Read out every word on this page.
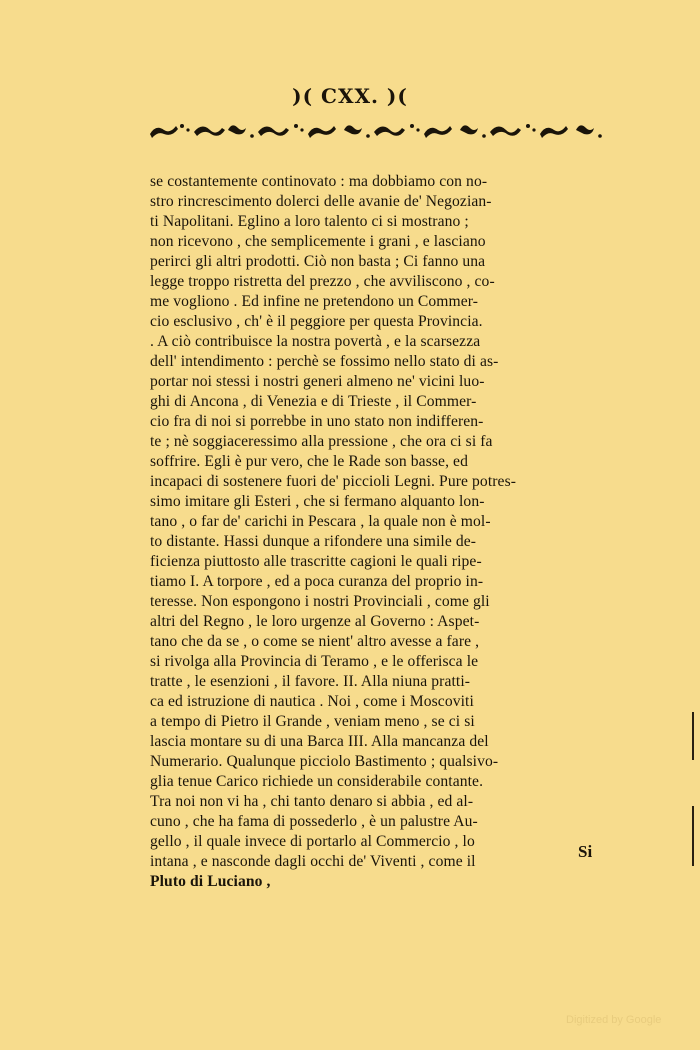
)( CXX. )(
se costantemente continovato : ma dobbiamo con no-
stro rincrescimento dolerci delle avanie de' Negozian-
ti Napolitani. Eglino a loro talento ci si mostrano ;
non ricevono , che semplicemente i grani , e lasciano
perirci gli altri prodotti. Ciò non basta ; Ci fanno una
legge troppo ristretta del prezzo , che avviliscono , co-
me vogliono . Ed infine ne pretendono un Commer-
cio esclusivo , ch' è il peggiore per questa Provincia.
. A ciò contribuisce la nostra povertà , e la scarsezza
dell' intendimento : perchè se fossimo nello stato di as-
portar noi stessi i nostri generi almeno ne' vicini luo-
ghi di Ancona , di Venezia e di Trieste , il Commer-
cio fra di noi si porrebbe in uno stato non indifferen-
te ; nè soggiaceressimo alla pressione , che ora ci si fa
soffrire. Egli è pur vero, che le Rade son basse, ed
incapaci di sostenere fuori de' piccioli Legni. Pure potres-
simo imitare gli Esteri , che si fermano alquanto lon-
tano , o far de' carichi in Pescara , la quale non è mol-
to distante. Hassi dunque a rifondere una simile de-
ficienza piuttosto alle trascritte cagioni le quali ripe-
tiamo I. A torpore , ed a poca curanza del proprio in-
teresse. Non espongono i nostri Provinciali , come gli
altri del Regno , le loro urgenze al Governo : Aspet-
tano che da se , o come se nient' altro avesse a fare ,
si rivolga alla Provincia di Teramo , e le offerisca le
tratte , le esenzioni , il favore. II. Alla niuna pratti-
ca ed istruzione di nautica . Noi , come i Moscoviti
a tempo di Pietro il Grande , veniam meno , se ci si
lascia montare su di una Barca III. Alla mancanza del
Numerario. Qualunque picciolo Bastimento ; qualsivo-
glia tenue Carico richiede un considerabile contante.
Tra noi non vi ha , chi tanto denaro si abbia , ed al-
cuno , che ha fama di possederlo , è un palustre Au-
gello , il quale invece di portarlo al Commercio , lo
intana , e nasconde dagli occhi de' Viventi , come il
Pluto di Luciano ,
Si
Digitized by Google
